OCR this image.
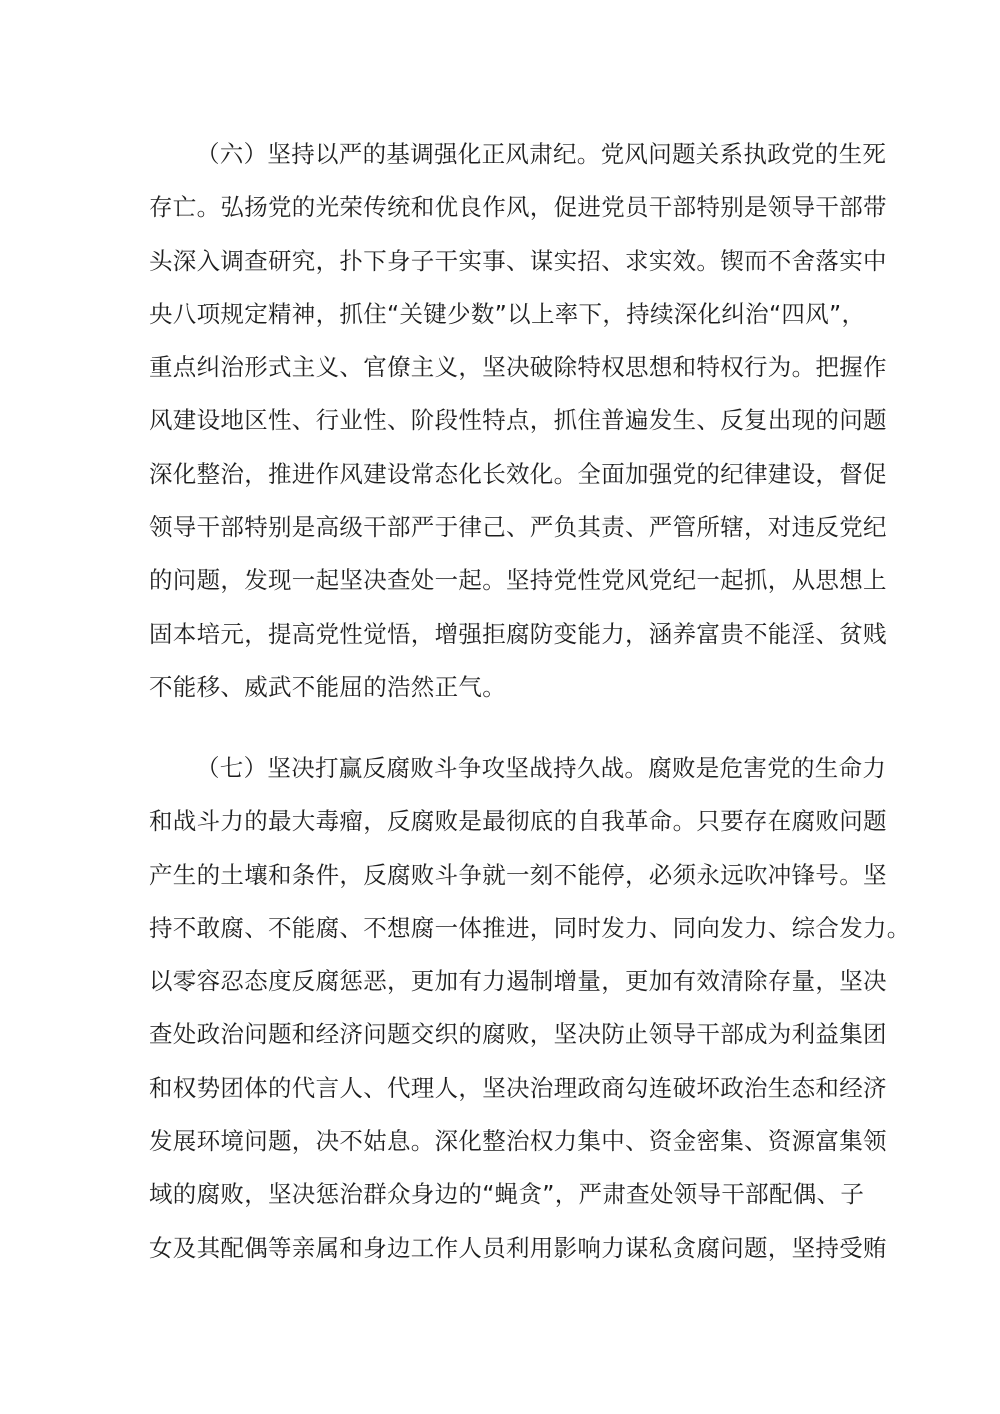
（六）坚持以严的基调强化正风肃纪。党风问题关系执政党的生死
存亡。弘扬党的光荣传统和优良作风，促进党员干部特别是领导干部带
头深入调查研究，扑下身子干实事、谋实招、求实效。锲而不舍落实中
央八项规定精神，抓住“关键少数”以上率下，持续深化纠治“四风”，
重点纠治形式主义、官僚主义，坚决破除特权思想和特权行为。把握作
风建设地区性、行业性、阶段性特点，抓住普遍发生、反复出现的问题
深化整治，推进作风建设常态化长效化。全面加强党的纪律建设，督促
领导干部特别是高级干部严于律己、严负其责、严管所辖，对违反党纪
的问题，发现一起坚决查处一起。坚持党性党风党纪一起抓，从思想上
固本培元，提高党性觉悟，增强拒腐防变能力，涵养富贵不能淫、贫贱
不能移、威武不能屈的浩然正气。
（七）坚决打赢反腐败斗争攻坚战持久战。腐败是危害党的生命力
和战斗力的最大毒瘤，反腐败是最彻底的自我革命。只要存在腐败问题
产生的土壤和条件，反腐败斗争就一刻不能停，必须永远吹冲锋号。坚
持不敢腐、不能腐、不想腐一体推进，同时发力、同向发力、综合发力。
以零容忍态度反腐惩恶，更加有力遏制增量，更加有效清除存量，坚决
查处政治问题和经济问题交织的腐败，坚决防止领导干部成为利益集团
和权势团体的代言人、代理人，坚决治理政商勾连破坏政治生态和经济
发展环境问题，决不姑息。深化整治权力集中、资金密集、资源富集领
域的腐败，坚决惩治群众身边的“蝇贪”，严肃查处领导干部配偶、子
女及其配偶等亲属和身边工作人员利用影响力谋私贪腐问题，坚持受贿
